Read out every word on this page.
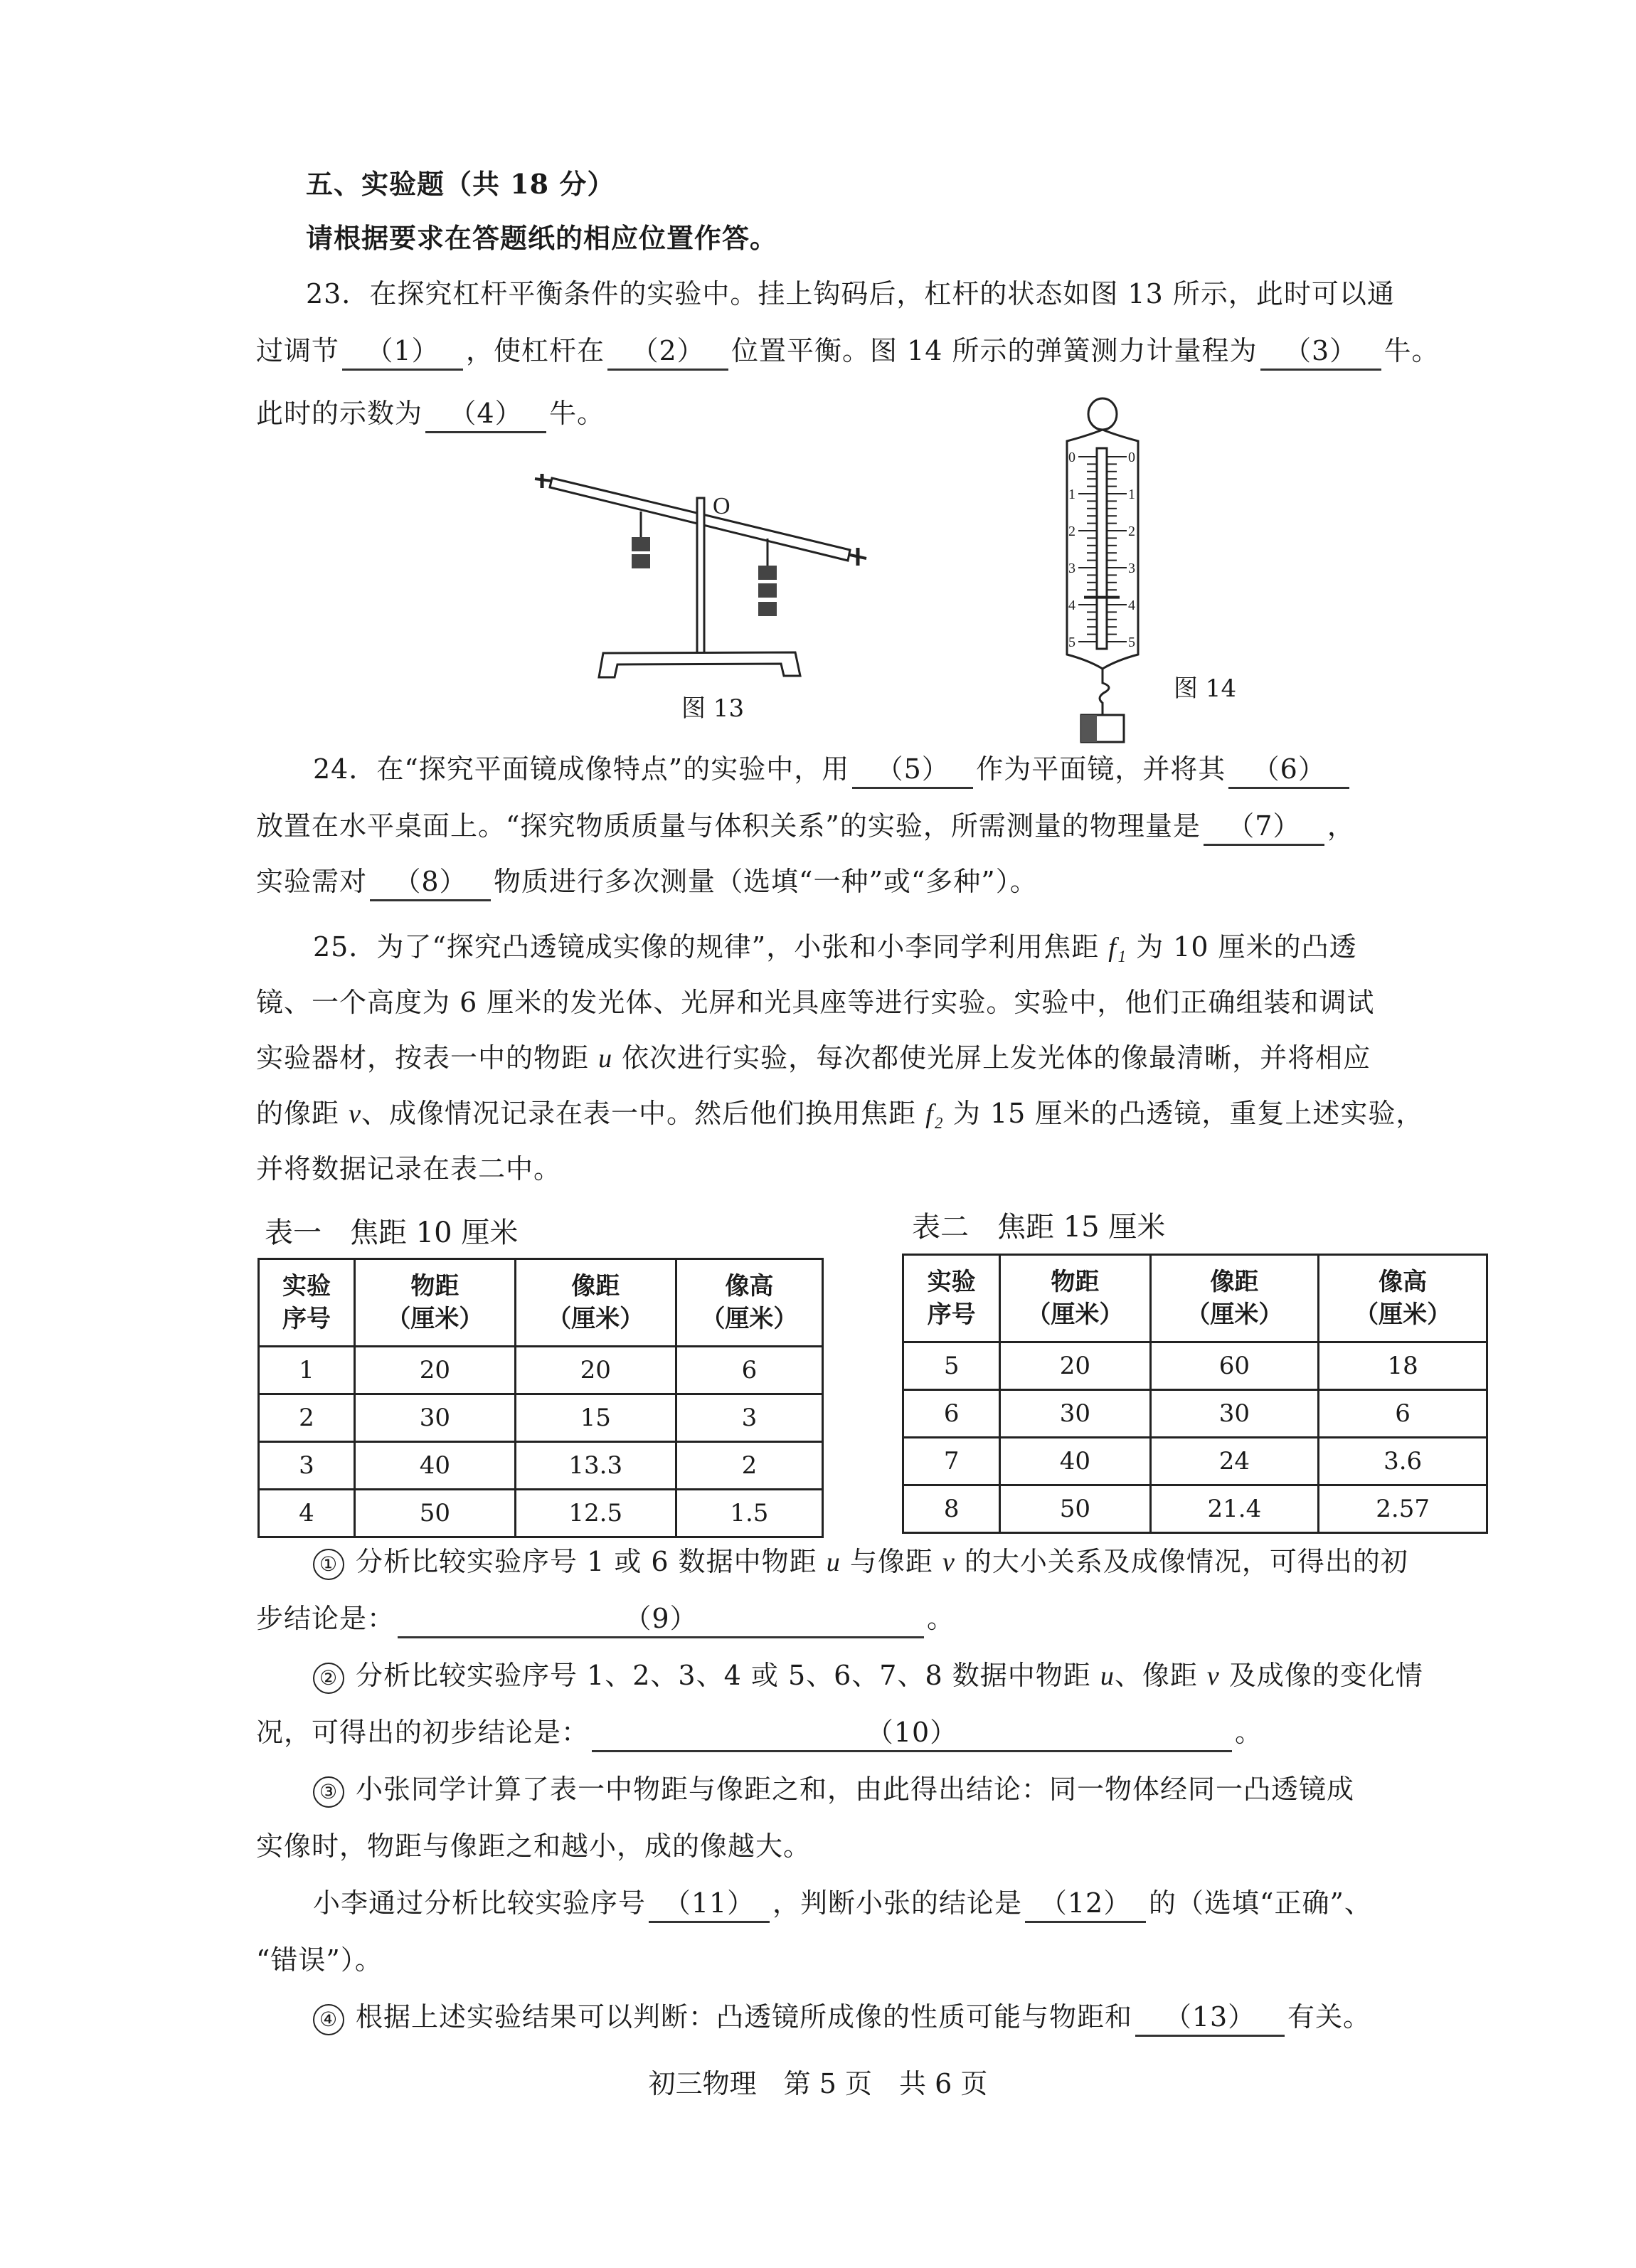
五、实验题（共 18 分）
请根据要求在答题纸的相应位置作答。
23．在探究杠杆平衡条件的实验中。挂上钩码后，杠杆的状态如图 13 所示，此时可以通
过调节 （1） ，使杠杆在 （2） 位置平衡。图 14 所示的弹簧测力计量程为 （3） 牛。
此时的示数为 （4） 牛。
O
图 13
0	0
1	1
2	2
3	3
4	4
5	5
图 14
24．在“探究平面镜成像特点”的实验中，用 （5） 作为平面镜，并将其 （6）
放置在水平桌面上。“探究物质质量与体积关系”的实验，所需测量的物理量是 （7） ，
实验需对 （8） 物质进行多次测量（选填“一种”或“多种”）。
25．为了“探究凸透镜成实像的规律”，小张和小李同学利用焦距 f₁ 为 10 厘米的凸透
镜、一个高度为 6 厘米的发光体、光屏和光具座等进行实验。实验中，他们正确组装和调试
实验器材，按表一中的物距 u 依次进行实验，每次都使光屏上发光体的像最清晰，并将相应
的像距 v、成像情况记录在表一中。然后他们换用焦距 f₂ 为 15 厘米的凸透镜，重复上述实验，
并将数据记录在表二中。
表一　焦距 10 厘米
实验
序号	物距
（厘米）	像距
（厘米）	像高
（厘米）
1	20	20	6
2	30	15	3
3	40	13.3	2
4	50	12.5	1.5
表二　焦距 15 厘米
实验
序号	物距
（厘米）	像距
（厘米）	像高
（厘米）
5	20	60	18
6	30	30	6
7	40	24	3.6
8	50	21.4	2.57
① 分析比较实验序号 1 或 6 数据中物距 u 与像距 v 的大小关系及成像情况，可得出的初
步结论是：	（9）	。
② 分析比较实验序号 1、2、3、4 或 5、6、7、8 数据中物距 u、像距 v 及成像的变化情
况，可得出的初步结论是：	（10）	。
③ 小张同学计算了表一中物距与像距之和，由此得出结论：同一物体经同一凸透镜成
实像时，物距与像距之和越小，成的像越大。
小李通过分析比较实验序号 （11） ，判断小张的结论是 （12） 的（选填“正确”、
“错误”）。
④ 根据上述实验结果可以判断：凸透镜所成像的性质可能与物距和 （13） 有关。
初三物理　第 5 页　共 6 页
